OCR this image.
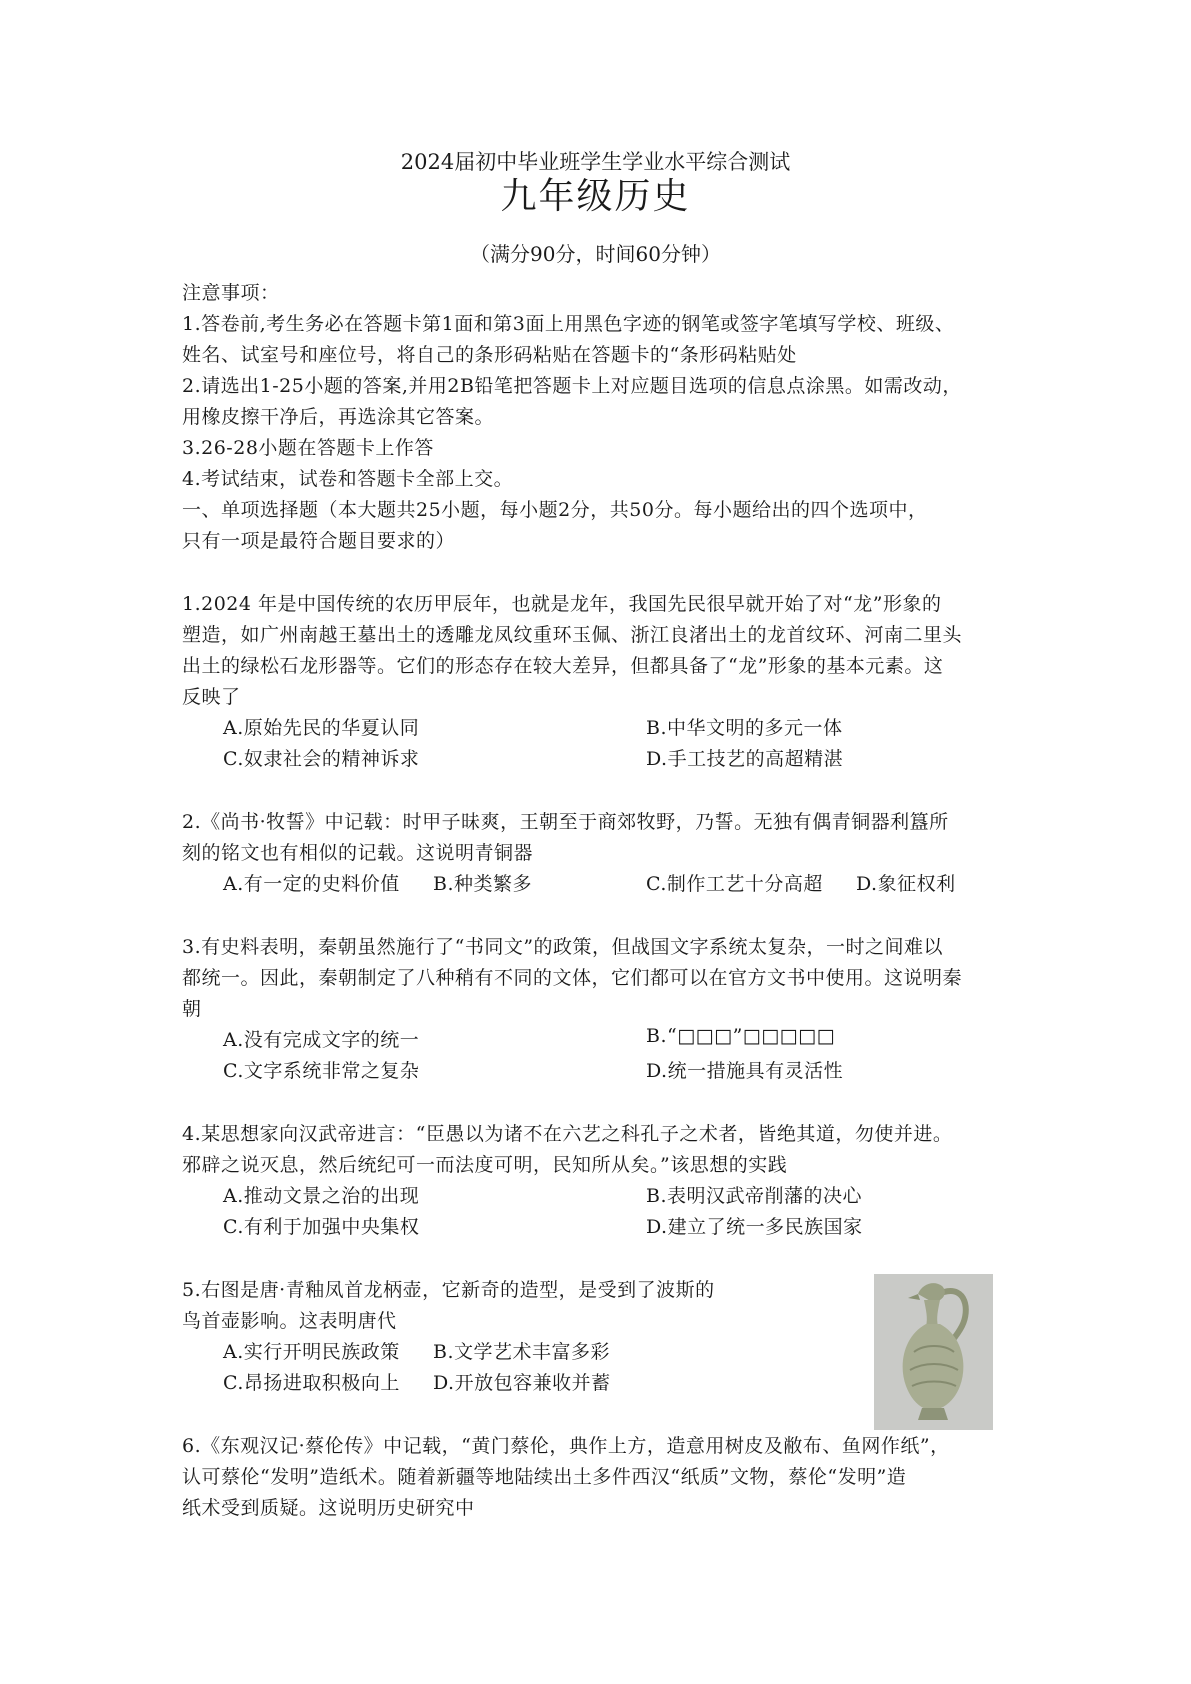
2024届初中毕业班学生学业水平综合测试
九年级历史
（满分90分，时间60分钟）
注意事项：
1.答卷前,考生务必在答题卡第1面和第3面上用黑色字迹的钢笔或签字笔填写学校、班级、
姓名、试室号和座位号，将自己的条形码粘贴在答题卡的“条形码粘贴处
2.请选出1-25小题的答案,并用2B铅笔把答题卡上对应题目选项的信息点涂黑。如需改动，
用橡皮擦干净后，再选涂其它答案。
3.26-28小题在答题卡上作答
4.考试结束，试卷和答题卡全部上交。
一、单项选择题（本大题共25小题，每小题2分，共50分。每小题给出的四个选项中，
只有一项是最符合题目要求的）
1.2024 年是中国传统的农历甲辰年，也就是龙年，我国先民很早就开始了对“龙”形象的
塑造，如广州南越王墓出土的透雕龙凤纹重环玉佩、浙江良渚出土的龙首纹环、河南二里头
出土的绿松石龙形器等。它们的形态存在较大差异，但都具备了“龙”形象的基本元素。这
反映了
A.原始先民的华夏认同	B.中华文明的多元一体
C.奴隶社会的精神诉求	D.手工技艺的高超精湛
2.《尚书·牧誓》中记载：时甲子昧爽，王朝至于商郊牧野，乃誓。无独有偶青铜器利簋所
刻的铭文也有相似的记载。这说明青铜器
A.有一定的史料价值 B.种类繁多	C.制作工艺十分高超 D.象征权利
3.有史料表明，秦朝虽然施行了“书同文”的政策，但战国文字系统太复杂，一时之间难以
都统一。因此，秦朝制定了八种稍有不同的文体，它们都可以在官方文书中使用。这说明秦
朝
A.没有完成文字的统一	B.“□□□”□□□□□
C.文字系统非常之复杂	D.统一措施具有灵活性
4.某思想家向汉武帝进言：“臣愚以为诸不在六艺之科孔子之术者，皆绝其道，勿使并进。
邪辟之说灭息，然后统纪可一而法度可明，民知所从矣。”该思想的实践
A.推动文景之治的出现	B.表明汉武帝削藩的决心
C.有利于加强中央集权	D.建立了统一多民族国家
5.右图是唐·青釉凤首龙柄壶，它新奇的造型，是受到了波斯的
鸟首壶影响。这表明唐代
A.实行开明民族政策 B.文学艺术丰富多彩
C.昂扬进取积极向上 D.开放包容兼收并蓄
6.《东观汉记·蔡伦传》中记载，“黄门蔡伦，典作上方，造意用树皮及敝布、鱼网作纸”，
认可蔡伦“发明”造纸术。随着新疆等地陆续出土多件西汉“纸质”文物，蔡伦“发明”造
纸术受到质疑。这说明历史研究中
